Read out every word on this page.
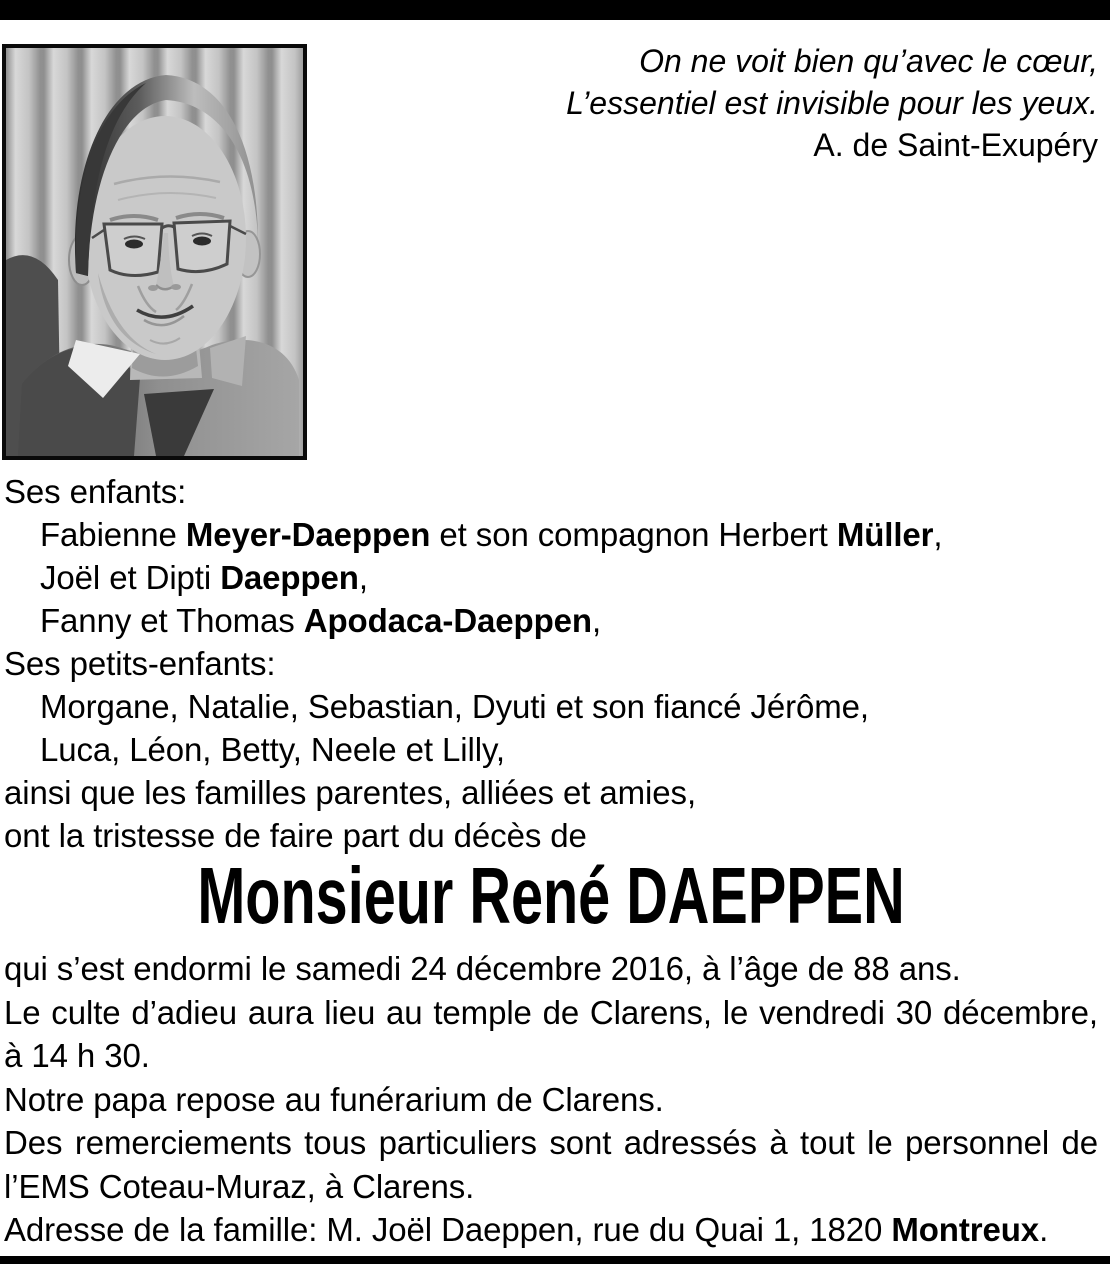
On ne voit bien qu’avec le cœur,
L’essentiel est invisible pour les yeux.
A. de Saint-Exupéry
Ses enfants:
Fabienne Meyer-Daeppen et son compagnon Herbert Müller,
Joël et Dipti Daeppen,
Fanny et Thomas Apodaca-Daeppen,
Ses petits-enfants:
Morgane, Natalie, Sebastian, Dyuti et son fiancé Jérôme,
Luca, Léon, Betty, Neele et Lilly,
ainsi que les familles parentes, alliées et amies,
ont la tristesse de faire part du décès de
Monsieur René DAEPPEN
qui s’est endormi le samedi 24 décembre 2016, à l’âge de 88 ans.
Le culte d’adieu aura lieu au temple de Clarens, le vendredi 30 décembre,
à 14 h 30.
Notre papa repose au funérarium de Clarens.
Des remerciements tous particuliers sont adressés à tout le personnel de
l’EMS Coteau-Muraz, à Clarens.
Adresse de la famille: M. Joël Daeppen, rue du Quai 1, 1820 Montreux.
